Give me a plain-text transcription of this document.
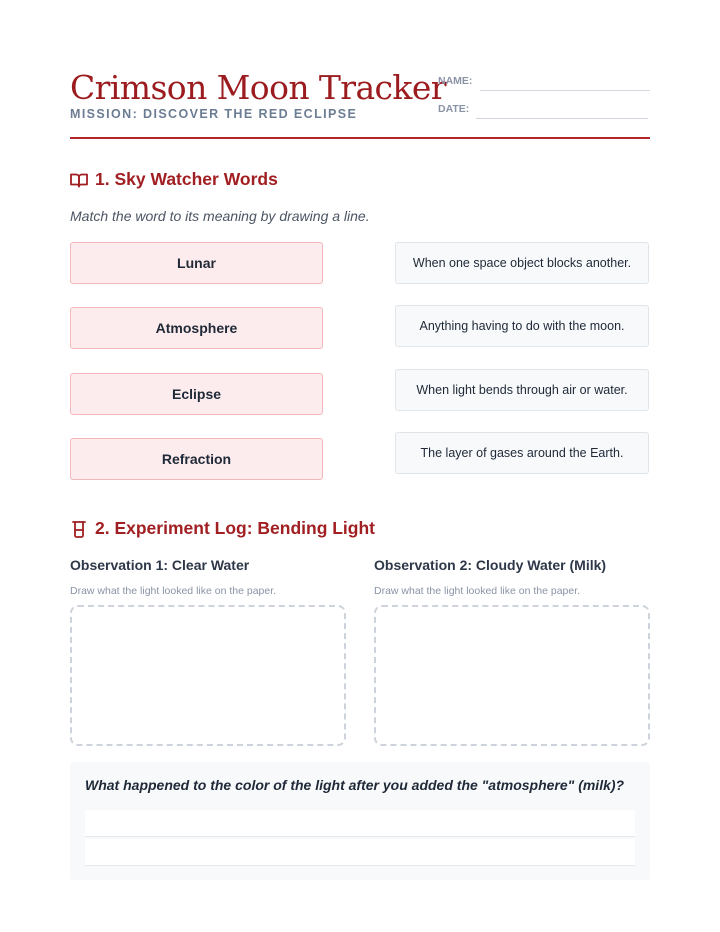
Crimson Moon Tracker
MISSION: DISCOVER THE RED ECLIPSE
NAME:
DATE:
1. Sky Watcher Words
Match the word to its meaning by drawing a line.
Lunar
Atmosphere
Eclipse
Refraction
When one space object blocks another.
Anything having to do with the moon.
When light bends through air or water.
The layer of gases around the Earth.
2. Experiment Log: Bending Light
Observation 1: Clear Water
Draw what the light looked like on the paper.
Observation 2: Cloudy Water (Milk)
Draw what the light looked like on the paper.
What happened to the color of the light after you added the "atmosphere" (milk)?
